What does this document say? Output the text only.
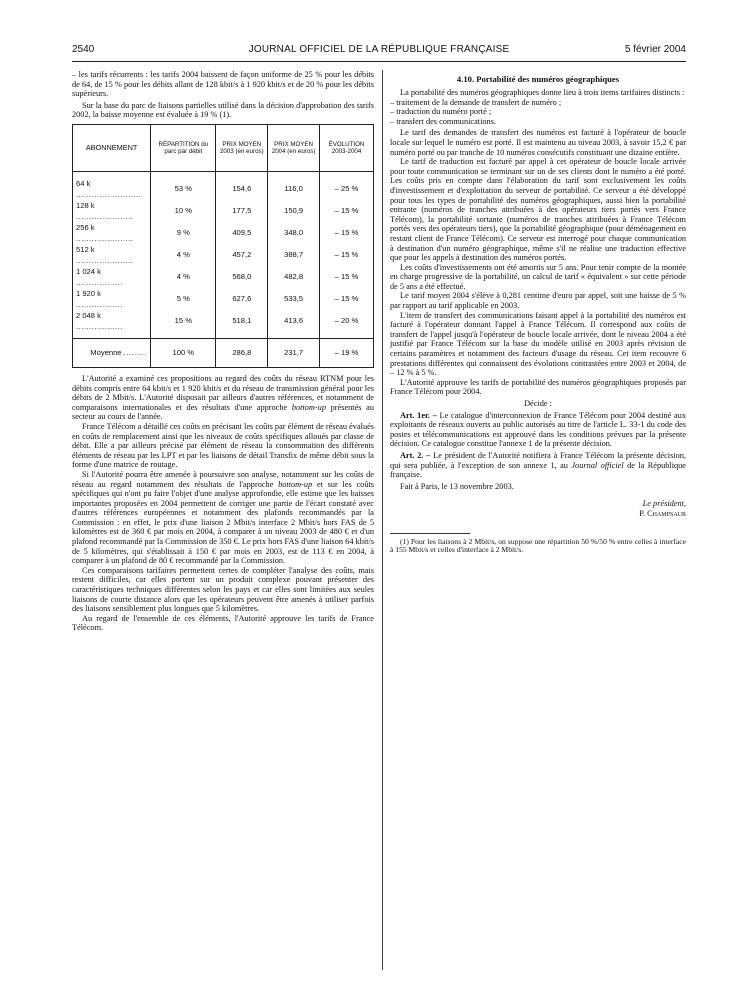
2540	JOURNAL OFFICIEL DE LA RÉPUBLIQUE FRANÇAISE	5 février 2004

– les tarifs récurrents : les tarifs 2004 baissent de façon uniforme de 25 % pour les débits de 64, de 15 % pour les débits allant de 128 kbit/s à 1 920 kbit/s et de 20 % pour les débits supérieurs.

Sur la base du parc de liaisons partielles utilisé dans la décision d'approbation des tarifs 2002, la baisse moyenne est évaluée à 19 % (1).

ABONNEMENT	RÉPARTITION du parc par débit	PRIX MOYEN 2003 (en euros)	PRIX MOYEN 2004 (en euros)	ÉVOLUTION 2003-2004
64 k .........................	53 %	154,6	116,0	– 25 %
128 k ......................	10 %	177,5	150,9	– 15 %
256 k ......................	9 %	409,5	348,0	– 15 %
512 k ......................	4 %	457,2	388,7	– 15 %
1 024 k ..................	4 %	568,0	482,8	– 15 %
1 920 k ..................	5 %	627,6	533,5	– 15 %
2 048 k ..................	15 %	518,1	413,6	– 20 %
Moyenne .........	100 %	286,8	231,7	– 19 %

L'Autorité a examiné ces propositions au regard des coûts du réseau RTNM pour les débits compris entre 64 kbit/s et 1 920 kbit/s et du réseau de transmission général pour les débits de 2 Mbit/s. L'Autorité disposait par ailleurs d'autres références, et notamment de comparaisons internationales et des résultats d'une approche bottom-up présentés au secteur au cours de l'année.

France Télécom a détaillé ces coûts en précisant les coûts par élément de réseau évalués en coûts de remplacement ainsi que les niveaux de coûts spécifiques alloués par classe de débit. Elle a par ailleurs précisé par élément de réseau la consommation des différents éléments de réseau par les LPT et par les liaisons de détail Transfix de même débit sous la forme d'une matrice de routage.

Si l'Autorité pourra être amenée à poursuivre son analyse, notamment sur les coûts de réseau au regard notamment des résultats de l'approche bottom-up et sur les coûts spécifiques qui n'ont pu faire l'objet d'une analyse approfondie, elle estime que les baisses importantes proposées en 2004 permettent de corriger une partie de l'écart constaté avec d'autres références européennes et notamment des plafonds recommandés par la Commission : en effet, le prix d'une liaison 2 Mbit/s interface 2 Mbit/s hors FAS de 5 kilomètres est de 360 € par mois en 2004, à comparer à un niveau 2003 de 480 € et d'un plafond recommandé par la Commission de 350 €. Le prix hors FAS d'une liaison 64 kbit/s de 5 kilomètres, qui s'établissait à 150 € par mois en 2003, est de 113 € en 2004, à comparer à un plafond de 80 € recommandé par la Commission.

Ces comparaisons tarifaires permettent certes de compléter l'analyse des coûts, mais restent difficiles, car elles portent sur un produit complexe pouvant présenter des caractéristiques techniques différentes selon les pays et car elles sont limitées aux seules liaisons de courte distance alors que les opérateurs peuvent être amenés à utiliser parfois des liaisons sensiblement plus longues que 5 kilomètres.

Au regard de l'ensemble de ces éléments, l'Autorité approuve les tarifs de France Télécom.

4.10. Portabilité des numéros géographiques

La portabilité des numéros géographiques donne lieu à trois items tarifaires distincts :

– traitement de la demande de transfert de numéro ;

– traduction du numéro porté ;

– transfert des communications.

Le tarif des demandes de transfert des numéros est facturé à l'opérateur de boucle locale sur lequel le numéro est porté. Il est maintenu au niveau 2003, à savoir 15,2 € par numéro porté ou par tranche de 10 numéros consécutifs constituant une dizaine entière.

Le tarif de traduction est facturé par appel à cet opérateur de boucle locale arrivée pour toute communication se terminant sur un de ses clients dont le numéro a été porté. Les coûts pris en compte dans l'élaboration du tarif sont exclusivement les coûts d'investissement et d'exploitation du serveur de portabilité. Ce serveur a été développé pour tous les types de portabilité des numéros géographiques, aussi bien la portabilité entrante (numéros de tranches attribuées à des opérateurs tiers portés vers France Télécom), la portabilité sortante (numéros de tranches attribuées à France Télécom portés vers des opérateurs tiers), que la portabilité géographique (pour déménagement en restant client de France Télécom). Ce serveur est interrogé pour chaque communication à destination d'un numéro géographique, même s'il ne réalise une traduction effective que pour les appels à destination des numéros portés.

Les coûts d'investissements ont été amortis sur 5 ans. Pour tenir compte de la montée en charge progressive de la portabilité, un calcul de tarif « équivalent » sur cette période de 5 ans a été effectué.

Le tarif moyen 2004 s'élève à 0,281 centime d'euro par appel, soit une baisse de 5 % par rapport au tarif applicable en 2003.

L'item de transfert des communications faisant appel à la portabilité des numéros est facturé à l'opérateur donnant l'appel à France Télécom. Il correspond aux coûts de transfert de l'appel jusqu'à l'opérateur de boucle locale arrivée, dont le niveau 2004 a été justifié par France Télécom sur la base du modèle utilisé en 2003 après révision de certains paramètres et notamment des facteurs d'usage du réseau. Cet item recouvre 6 prestations différentes qui connaissent des évolutions contrastées entre 2003 et 2004, de – 12 % à 5 %.

L'Autorité approuve les tarifs de portabilité des numéros géographiques proposés par France Télécom pour 2004.

Décide :

Art. 1er. – Le catalogue d'interconnexion de France Télécom pour 2004 destiné aux exploitants de réseaux ouverts au public autorisés au titre de l'article L. 33-1 du code des postes et télécommunications est approuvé dans les conditions prévues par la présente décision. Ce catalogue constitue l'annexe 1 de la présente décision.

Art. 2. – Le président de l'Autorité notifiera à France Télécom la présente décision, qui sera publiée, à l'exception de son annexe 1, au Journal officiel de la République française.

Fait à Paris, le 13 novembre 2003.

Le président,
P. Champsaur

(1) Pour les liaisons à 2 Mbit/s, on suppose une répartition 50 %/50 % entre celles à interface à 155 Mbit/s et celles d'interface à 2 Mbit/s.
